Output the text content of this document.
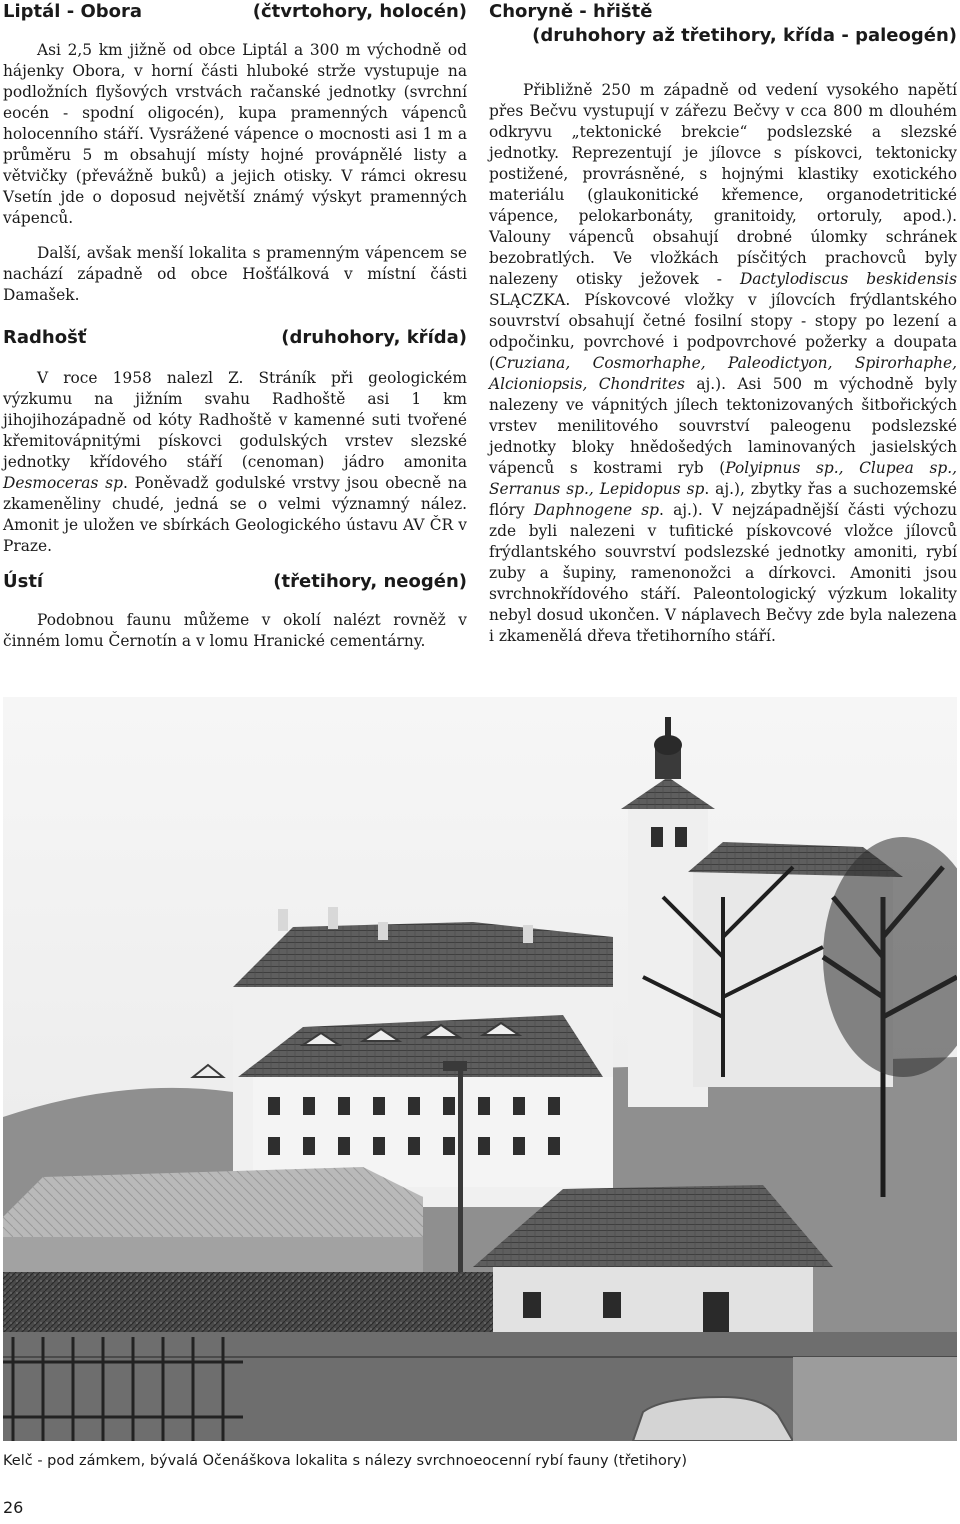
Liptál - Obora	(čtvrtohory, holocén)

Asi 2,5 km jižně od obce Liptál a 300 m východně od hájenky Obora, v horní části hluboké strže vystupuje na podložních flyšových vrstvách račanské jednotky (svrchní eocén - spodní oligocén), kupa pramenných vápenců holocenního stáří. Vysrážené vápence o mocnosti asi 1 m a průměru 5 m obsahují místy hojné provápnělé listy a větvičky (převážně buků) a jejich otisky. V rámci okresu Vsetín jde o doposud největší známý výskyt pramenných vápenců.

Další, avšak menší lokalita s pramenným vápencem se nachází západně od obce Hošťálková v místní části Damašek.

Radhošť	(druhohory, křída)

V roce 1958 nalezl Z. Stráník při geologickém výzkumu na jižním svahu Radhoště asi 1 km jihojihozápadně od kóty Radhoště v kamenné suti tvořené křemitovápnitými pískovci godulských vrstev slezské jednotky křídového stáří (cenoman) jádro amonita Desmoceras sp. Poněvadž godulské vrstvy jsou obecně na zkameněliny chudé, jedná se o velmi významný nález. Amonit je uložen ve sbírkách Geologického ústavu AV ČR v Praze.

Ústí	(třetihory, neogén)

Podobnou faunu můžeme v okolí nalézt rovněž v činném lomu Černotín a v lomu Hranické cementárny.

Choryně - hřiště
(druhohory až třetihory, křída - paleogén)

Přibližně 250 m západně od vedení vysokého napětí přes Bečvu vystupují v zářezu Bečvy v cca 800 m dlouhém odkryvu „tektonické brekcie“ podslezské a slezské jednotky. Reprezentují je jílovce s pískovci, tektonicky postižené, provrásněné, s hojnými klastiky exotického materiálu (glaukonitické křemence, organodetritické vápence, pelokarbonáty, granitoidy, ortoruly, apod.). Valouny vápenců obsahují drobné úlomky schránek bezobratlých. Ve vložkách písčitých prachovců byly nalezeny otisky ježovek - Dactylodiscus beskidensis SLĄCZKA. Pískovcové vložky v jílovcích frýdlantského souvrství obsahují četné fosilní stopy - stopy po lezení a odpočinku, povrchové i podpovrchové požerky a doupata (Cruziana, Cosmorhaphe, Paleodictyon, Spirorhaphe, Alcioniopsis, Chondrites aj.). Asi 500 m východně byly nalezeny ve vápnitých jílech tektonizovaných šitbořických vrstev menilitového souvrství paleogenu podslezské jednotky bloky hnědošedých laminovaných jasielských vápenců s kostrami ryb (Polyipnus sp., Clupea sp., Serranus sp., Lepidopus sp. aj.), zbytky řas a suchozemské flóry Daphnogene sp. aj.). V nejzápadnější části výchozu zde byli nalezeni v tufitické pískovcové vložce jílovců frýdlantského souvrství podslezské jednotky amoniti, rybí zuby a šupiny, ramenonožci a dírkovci. Amoniti jsou svrchnokřídového stáří. Paleontologický výzkum lokality nebyl dosud ukončen. V náplavech Bečvy zde byla nalezena i zkamenělá dřeva třetihorního stáří.

Kelč - pod zámkem, bývalá Očenáškova lokalita s nálezy svrchnoeocenní rybí fauny (třetihory)
26
